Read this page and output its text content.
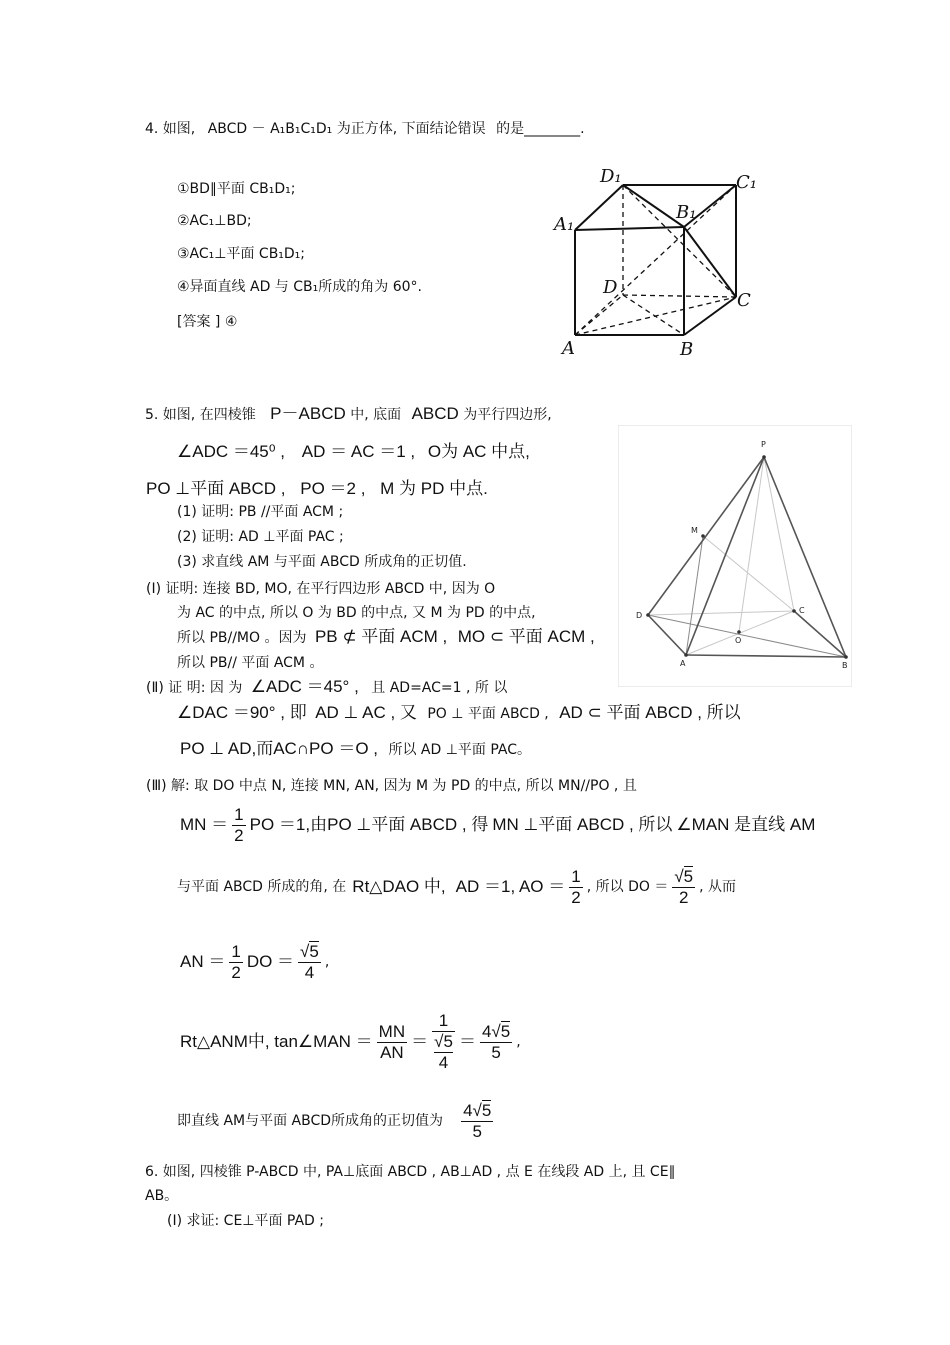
4. 如图, ABCD － A₁B₁C₁D₁ 为正方体, 下面结论错误 的是________.
①BD∥平面 CB₁D₁;
②AC₁⊥BD;
③AC₁⊥平面 CB₁D₁;
④异面直线 AD 与 CB₁所成的角为 60°.
[答案 ] ④
D₁	C₁
A₁
B₁
D
C
A	B
5. 如图, 在四棱锥 P－ABCD 中, 底面 ABCD 为平行四边形,
∠ADC ＝45⁰ , AD ＝ AC ＝1 , O为 AC 中点,
PO ⊥平面 ABCD , PO ＝2 , M 为 PD 中点.
(1) 证明: PB //平面 ACM ;
(2) 证明: AD ⊥平面 PAC ;
(3) 求直线 AM 与平面 ABCD 所成角的正切值.
(Ⅰ) 证明: 连接 BD, MO, 在平行四边形 ABCD 中, 因为 O
为 AC 的中点, 所以 O 为 BD 的中点, 又 M 为 PD 的中点,
所以 PB//MO 。因为 PB ⊄ 平面 ACM , MO ⊂ 平面 ACM ,
所以 PB// 平面 ACM 。
(Ⅱ) 证 明: 因 为 ∠ADC ＝45° , 且 AD=AC=1 , 所 以
∠DAC ＝90° , 即 AD ⊥ AC , 又 PO ⊥ 平面 ABCD , AD ⊂ 平面 ABCD , 所以
PO ⊥ AD,而AC∩PO ＝O , 所以 AD ⊥平面 PAC。
(Ⅲ) 解: 取 DO 中点 N, 连接 MN, AN, 因为 M 为 PD 的中点, 所以 MN//PO , 且
MN ＝ $\frac{1}{2}$ PO ＝1,由PO ⊥平面 ABCD , 得 MN ⊥平面 ABCD , 所以 ∠MAN 是直线 AM
与平面 ABCD 所成的角, 在 Rt△DAO 中, AD ＝1, AO ＝ $\frac{1}{2}$ , 所以 DO ＝ $\frac{√5}{2}$ , 从而
AN ＝ $\frac{1}{2}$ DO ＝ $\frac{√5}{4}$ ,
Rt△ANM中, tan∠MAN ＝ $\frac{MN}{AN} = 1$
√5
$4 = \frac{4√5}{5}$ ,
即直线 AM与平面 ABCD所成角的正切值为 $\frac{4√5}{5}$
P
M
D
C
O
A	B
6. 如图, 四棱锥 P-ABCD 中, PA⊥底面 ABCD , AB⊥AD , 点 E 在线段 AD 上, 且 CE∥
AB。
(I) 求证: CE⊥平面 PAD ;
